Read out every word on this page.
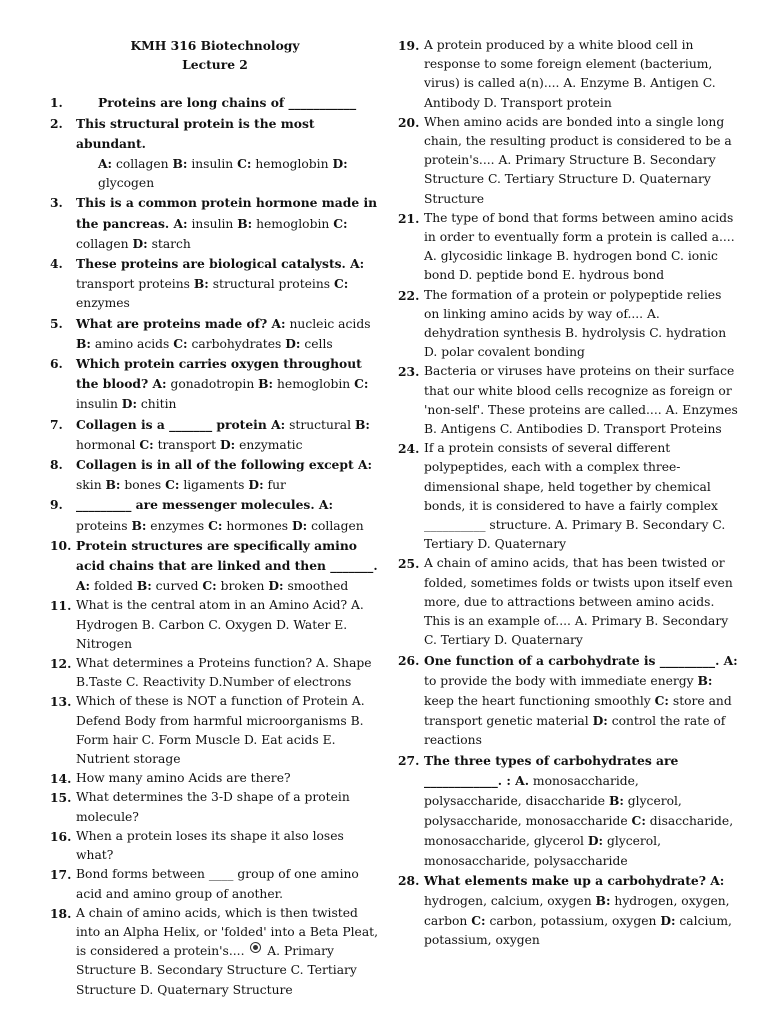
KMH 316 Biotechnology
Lecture 2
1.	Proteins are long chains of ___________
2.	This structural protein is the most abundant.
A: collagen B: insulin C: hemoglobin D: glycogen
3.	This is a common protein hormone made in the pancreas. A: insulin B: hemoglobin C: collagen D: starch
4.	These proteins are biological catalysts. A: transport proteins B: structural proteins C: enzymes
5.	What are proteins made of? A: nucleic acids B: amino acids C: carbohydrates D: cells
6.	Which protein carries oxygen throughout the blood? A: gonadotropin B: hemoglobin C: insulin D: chitin
7.	Collagen is a _______ protein A: structural B: hormonal C: transport D: enzymatic
8.	Collagen is in all of the following except A: skin B: bones C: ligaments D: fur
9.	_________ are messenger molecules. A: proteins B: enzymes C: hormones D: collagen
10. Protein structures are specifically amino acid chains that are linked and then _______. A: folded B: curved C: broken D: smoothed
11. What is the central atom in an Amino Acid? A. Hydrogen B. Carbon C. Oxygen D. Water E. Nitrogen
12. What determines a Proteins function? A. Shape B.Taste C. Reactivity D.Number of electrons
13. Which of these is NOT a function of Protein A. Defend Body from harmful microorganisms B. Form hair C. Form Muscle D. Eat acids E. Nutrient storage
14. How many amino Acids are there?
15. What determines the 3-D shape of a protein molecule?
16. When a protein loses its shape it also loses what?
17. Bond forms between ____ group of one amino acid and amino group of another.
18. A chain of amino acids, which is then twisted into an Alpha Helix, or 'folded' into a Beta Pleat, is considered a protein's....  A. Primary Structure B. Secondary Structure C. Tertiary Structure D. Quaternary Structure
19. A protein produced by a white blood cell in response to some foreign element (bacterium, virus) is called a(n).... A. Enzyme B. Antigen C. Antibody D. Transport protein
20. When amino acids are bonded into a single long chain, the resulting product is considered to be a protein's.... A. Primary Structure B. Secondary Structure C. Tertiary Structure D. Quaternary Structure
21. The type of bond that forms between amino acids in order to eventually form a protein is called a.... A. glycosidic linkage B. hydrogen bond C. ionic bond D. peptide bond E. hydrous bond
22. The formation of a protein or polypeptide relies on linking amino acids by way of.... A. dehydration synthesis B. hydrolysis C. hydration D. polar covalent bonding
23. Bacteria or viruses have proteins on their surface that our white blood cells recognize as foreign or 'non-self'. These proteins are called.... A. Enzymes B. Antigens C. Antibodies D. Transport Proteins
24. If a protein consists of several different polypeptides, each with a complex three-dimensional shape, held together by chemical bonds, it is considered to have a fairly complex __________ structure. A. Primary B. Secondary C. Tertiary D. Quaternary
25. A chain of amino acids, that has been twisted or folded, sometimes folds or twists upon itself even more, due to attractions between amino acids. This is an example of.... A. Primary B. Secondary C. Tertiary D. Quaternary
26. One function of a carbohydrate is _________. A: to provide the body with immediate energy B: keep the heart functioning smoothly C: store and transport genetic material D: control the rate of reactions
27. The three types of carbohydrates are ____________. : A. monosaccharide, polysaccharide, disaccharide B: glycerol, polysaccharide, monosaccharide C: disaccharide, monosaccharide, glycerol D: glycerol, monosaccharide, polysaccharide
28. What elements make up a carbohydrate? A: hydrogen, calcium, oxygen B: hydrogen, oxygen, carbon C: carbon, potassium, oxygen D: calcium, potassium, oxygen
